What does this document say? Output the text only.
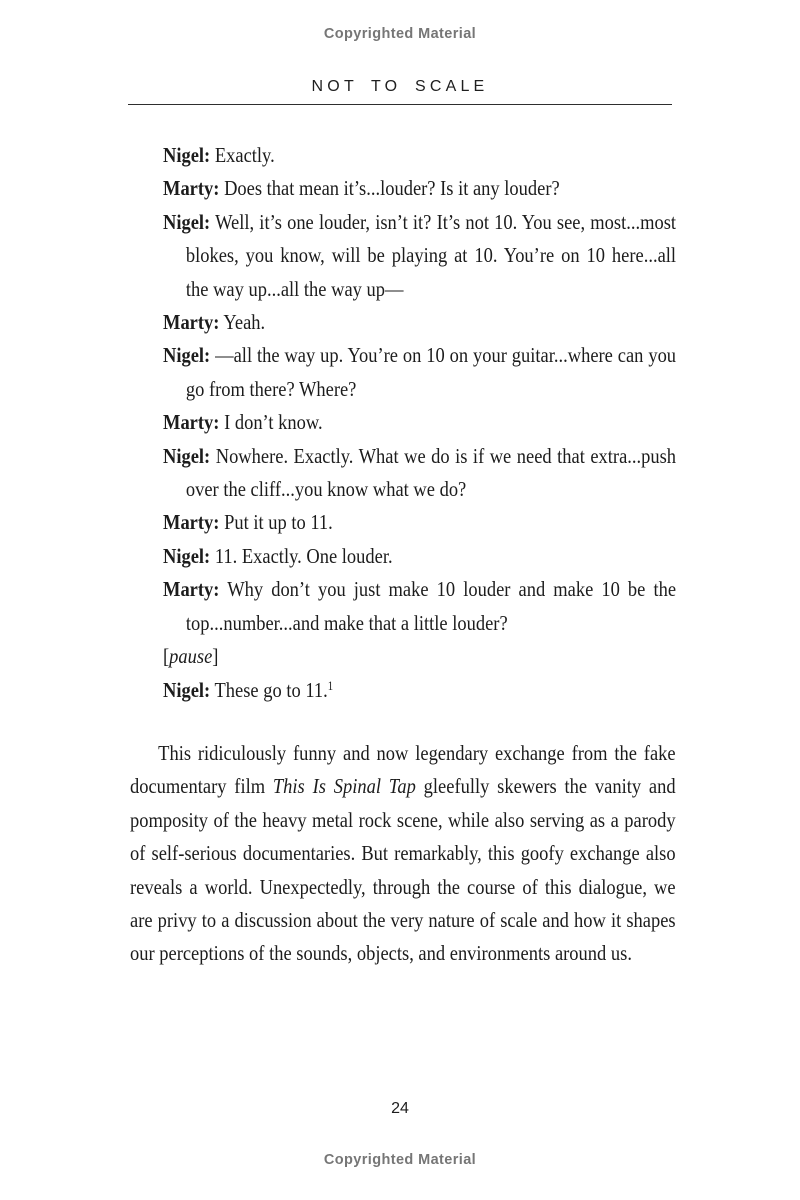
Copyrighted Material
NOT TO SCALE

Nigel: Exactly.

Marty: Does that mean it’s...louder? Is it any louder?

Nigel: Well, it’s one louder, isn’t it? It’s not 10. You see, most...most blokes, you know, will be playing at 10. You’re on 10 here...all the way up...all the way up—

Marty: Yeah.

Nigel: —all the way up. You’re on 10 on your guitar...where can you go from there? Where?

Marty: I don’t know.

Nigel: Nowhere. Exactly. What we do is if we need that extra...push over the cliff...you know what we do?

Marty: Put it up to 11.

Nigel: 11. Exactly. One louder.

Marty: Why don’t you just make 10 louder and make 10 be the top...number...and make that a little louder?

[pause]

Nigel: These go to 11.$^1$

This ridiculously funny and now legendary exchange from the fake documentary film This Is Spinal Tap gleefully skewers the vanity and pomposity of the heavy metal rock scene, while also serving as a parody of self-serious documentaries. But remarkably, this goofy exchange also reveals a world. Unexpectedly, through the course of this dialogue, we are privy to a discussion about the very nature of scale and how it shapes our perceptions of the sounds, objects, and environments around us.

24
Copyrighted Material
